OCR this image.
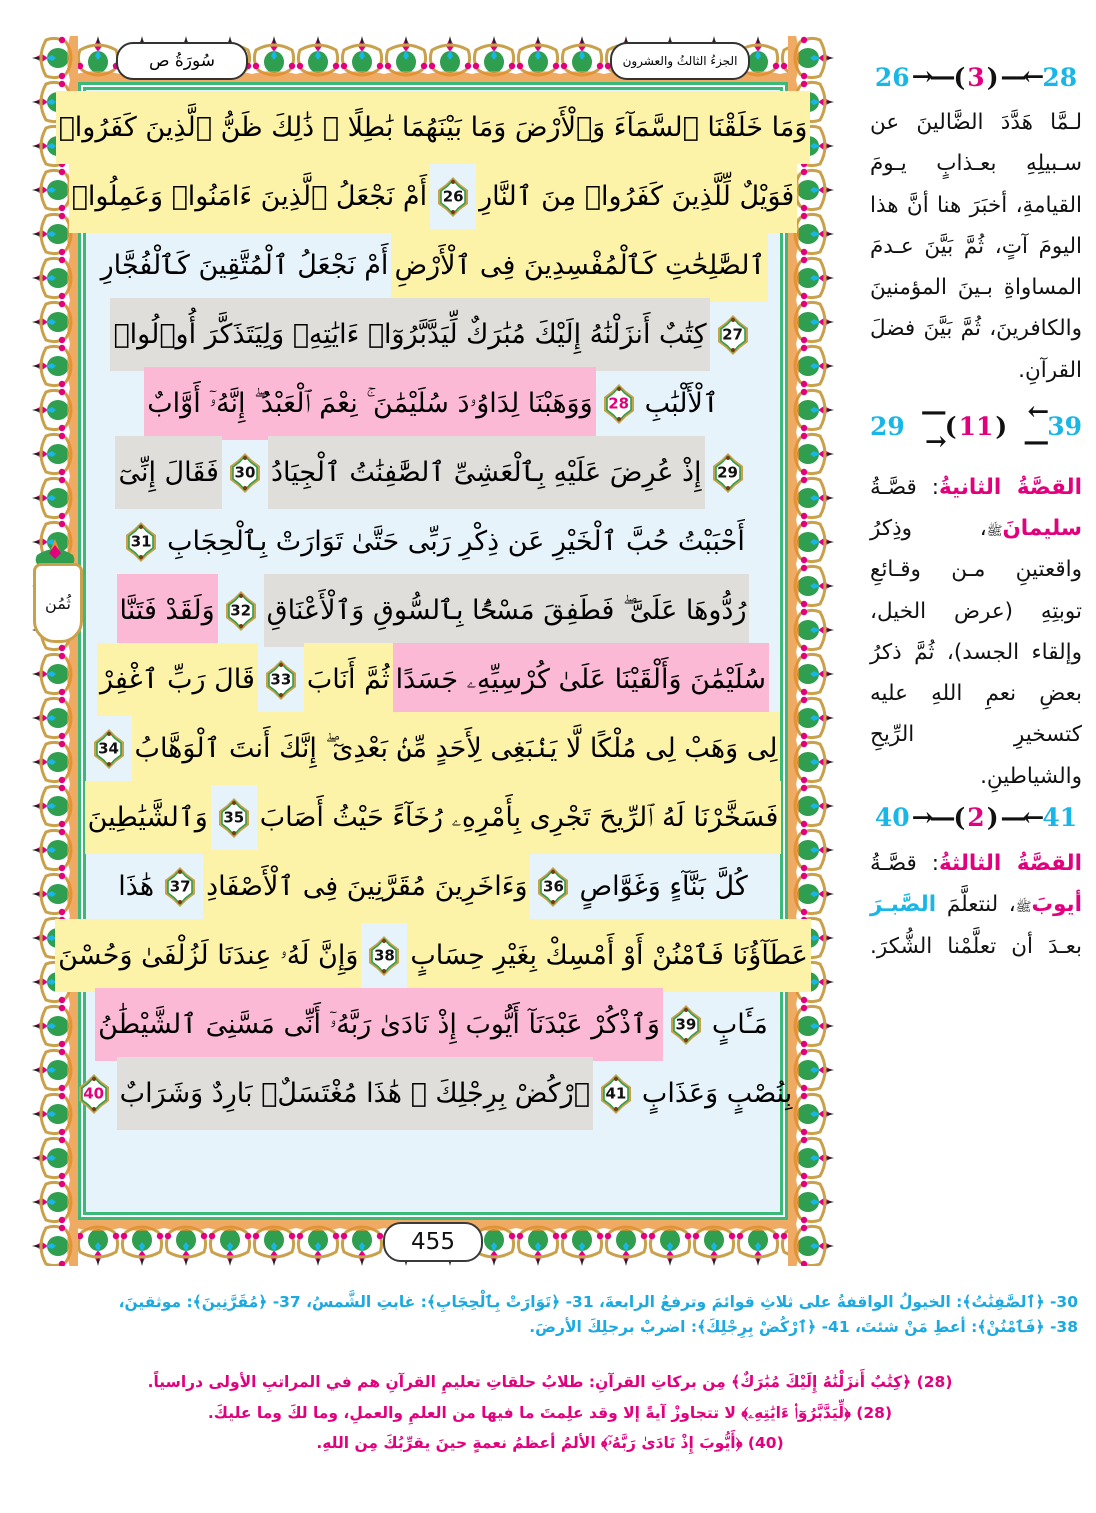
سُورَةُ ص	الجزءُ الثالثُ والعشرون
455
ثُمُن
وَمَا خَلَقْنَا ٱلسَّمَآءَ وَٱلْأَرْضَ وَمَا بَيْنَهُمَا بَٰطِلًا ۚ ذَٰلِكَ ظَنُّ ٱلَّذِينَ كَفَرُوا۟
فَوَيْلٌ لِّلَّذِينَ كَفَرُوا۟ مِنَ ٱلنَّارِ
26
أَمْ نَجْعَلُ ٱلَّذِينَ ءَامَنُوا۟ وَعَمِلُوا۟
ٱلصَّٰلِحَٰتِ كَٱلْمُفْسِدِينَ فِى ٱلْأَرْضِ
أَمْ نَجْعَلُ ٱلْمُتَّقِينَ كَٱلْفُجَّارِ
27
كِتَٰبٌ أَنزَلْنَٰهُ إِلَيْكَ مُبَٰرَكٌ لِّيَدَّبَّرُوٓا۟ ءَايَٰتِهِۦ وَلِيَتَذَكَّرَ أُو۟لُوا۟
ٱلْأَلْبَٰبِ
28
وَوَهَبْنَا لِدَاوُۥدَ سُلَيْمَٰنَ ۚ نِعْمَ ٱلْعَبْدُ ۖ إِنَّهُۥٓ أَوَّابٌ
29
إِذْ عُرِضَ عَلَيْهِ بِٱلْعَشِىِّ ٱلصَّٰفِنَٰتُ ٱلْجِيَادُ
30
فَقَالَ إِنِّىٓ
أَحْبَبْتُ حُبَّ ٱلْخَيْرِ عَن ذِكْرِ رَبِّى حَتَّىٰ تَوَارَتْ بِٱلْحِجَابِ
31
رُدُّوهَا عَلَىَّ ۖ فَطَفِقَ مَسْحًۢا بِٱلسُّوقِ وَٱلْأَعْنَاقِ
32
وَلَقَدْ فَتَنَّا
سُلَيْمَٰنَ وَأَلْقَيْنَا عَلَىٰ كُرْسِيِّهِۦ جَسَدًا
ثُمَّ أَنَابَ
33
قَالَ رَبِّ ٱغْفِرْ
لِى وَهَبْ لِى مُلْكًا لَّا يَنۢبَغِى لِأَحَدٍ مِّنۢ بَعْدِىٓ ۖ إِنَّكَ أَنتَ ٱلْوَهَّابُ
34
فَسَخَّرْنَا لَهُ ٱلرِّيحَ تَجْرِى بِأَمْرِهِۦ رُخَآءً حَيْثُ أَصَابَ
35
وَٱلشَّيَٰطِينَ
كُلَّ بَنَّآءٍ وَغَوَّاصٍ
36
وَءَاخَرِينَ مُقَرَّنِينَ فِى ٱلْأَصْفَادِ
37
هَٰذَا
عَطَآؤُنَا فَٱمْنُنْ أَوْ أَمْسِكْ بِغَيْرِ حِسَابٍ
38
وَإِنَّ لَهُۥ عِندَنَا لَزُلْفَىٰ وَحُسْنَ
مَـَٔابٍ
39
وَٱذْكُرْ عَبْدَنَآ أَيُّوبَ إِذْ نَادَىٰ رَبَّهُۥٓ أَنِّى مَسَّنِىَ ٱلشَّيْطَٰنُ
بِنُصْبٍ وَعَذَابٍ
41
ٱرْكُضْ بِرِجْلِكَ ۖ هَٰذَا مُغْتَسَلٌۢ بَارِدٌ وَشَرَابٌ
40
28
←—
(
3
)
—→
26
لـمَّا هَدَّدَ الضَّالينَ عن سـبيلِهِ بعـذابٍ يـومَ القيامةِ، أخبَرَ هنا أنَّ هذا اليومَ آتٍ، ثُمَّ بَيَّنَ عـدمَ المساواةِ بـينَ المؤمنينَ والكافرينَ، ثُمَّ بَيَّنَ فضلَ القرآنِ.
39
←—
(
11
)
—→
29
القصَّةُ الثانيةُ: قصَّـةُ سليمانَﷺ، وذِكرُ واقعتينِ مـن وقـائعِ توبتِهِ (عرض الخيل، وإلقاء الجسد)، ثُمَّ ذكرُ بعضِ نعمِ اللهِ عليه كتسخيرِ الرِّيحِ والشياطينِ.
41
←—
(
2
)
—→
40
القصَّةُ الثالثةُ: قصَّـةُ أيوبَﷺ، لنتعلَّمَ الصَّبـرَ بعـدَ أن تعلَّمْنا الشُّكرَ.
30- ﴿ٱلصَّٰفِنَٰتُ﴾: الخيولُ الواقفةُ على ثلاثِ قوائمَ وترفعُ الرابعةَ، 31- ﴿تَوَارَتْ بِٱلْحِجَابِ﴾: غابتِ الشَّمسُ، 37- ﴿مُقَرَّنِينَ﴾: موثقينَ،
38- ﴿فَٱمْنُنْ﴾: أعطِ مَنْ شئتَ، 41- ﴿ٱرْكُضْ بِرِجْلِكَ﴾: اضربْ برجلِكَ الأرضَ.
(28) ﴿كِتَٰبٌ أَنزَلْنَٰهُ إِلَيْكَ مُبَٰرَكٌ﴾ مِن بركاتِ القرآنِ: طلابُ حلقاتِ تعليمِ القرآنِ هم في المراتبِ الأولى دراسياً.
(28) ﴿لِّيَدَّبَّرُوٓا۟ ءَايَٰتِهِۦ﴾ لا تتجاوزْ آيةً إلا وقد علِمتَ ما فيها من العلمِ والعملِ، وما لكَ وما عليكَ.
(40) ﴿أَيُّوبَ إِذْ نَادَىٰ رَبَّهُۥٓ﴾ الألمُ أعظمُ نعمةٍ حينَ يقرِّبُكَ مِن اللهِ.
